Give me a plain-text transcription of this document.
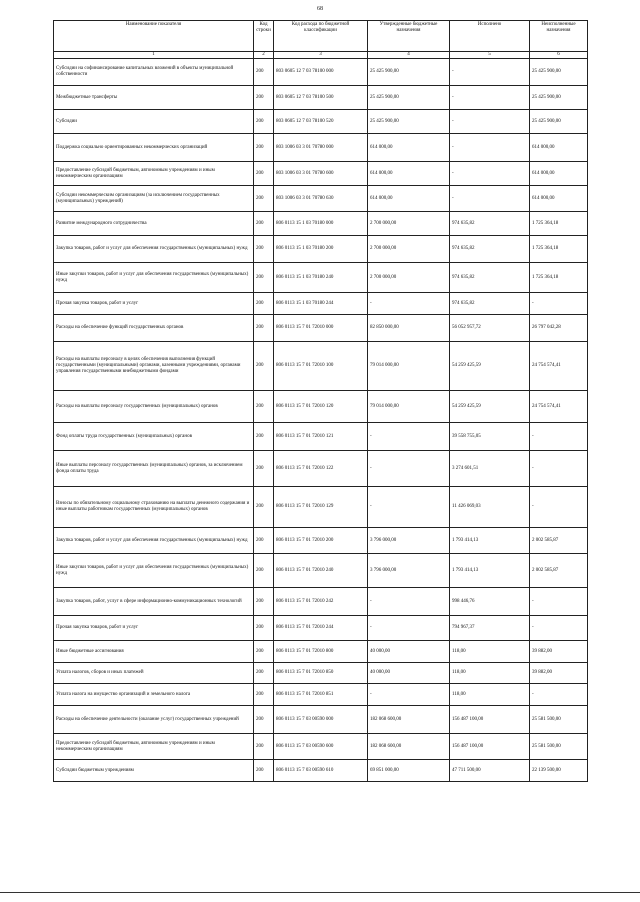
68
Наименование показателя	Код строки	Код расхода по бюджетной классификации	Утвержденные бюджетные назначения	Исполнено	Неисполненные назначения
1	2	3	4	5	6
Субсидии на софинансирование капитальных вложений в объекты муниципальной собственности	200	803 0605 12 7 03 78100 000	25 425 900,00	-	25 425 900,00
Межбюджетные трансферты	200	803 0605 12 7 03 78100 500	25 425 900,00	-	25 425 900,00
Субсидии	200	803 0605 12 7 03 78100 520	25 425 900,00	-	25 425 900,00
Поддержка социально ориентированных некоммерческих организаций	200	803 1006 03 3 01 70780 000	614 000,00	-	614 000,00
Предоставление субсидий бюджетным, автономным учреждениям и иным некоммерческим организациям	200	803 1006 03 3 01 70780 600	614 000,00	-	614 000,00
Субсидии некоммерческим организациям (за исключением государственных (муниципальных) учреждений)	200	803 1006 03 3 01 70780 630	614 000,00	-	614 000,00
Развитие международного сотрудничества	200	806 0113 15 1 03 70180 000	2 700 000,00	974 635,82	1 725 364,18
Закупка товаров, работ и услуг для обеспечения государственных (муниципальных) нужд	200	806 0113 15 1 03 70180 200	2 700 000,00	974 635,82	1 725 364,18
Иные закупки товаров, работ и услуг для обеспечения государственных (муниципальных) нужд	200	806 0113 15 1 03 70180 240	2 700 000,00	974 635,82	1 725 364,18
Прочая закупка товаров, работ и услуг	200	806 0113 15 1 03 70180 244	-	974 635,82	-
Расходы на обеспечение функций государственных органов	200	806 0113 15 7 01 72010 000	82 850 000,00	56 052 957,72	26 797 042,28
Расходы на выплаты персоналу в целях обеспечения выполнения функций государственными (муниципальными) органами, казенными учреждениями, органами управления государственными внебюджетными фондами	200	806 0113 15 7 01 72010 100	79 014 000,00	54 259 425,59	24 754 574,41
Расходы на выплаты персоналу государственных (муниципальных) органов	200	806 0113 15 7 01 72010 120	79 014 000,00	54 259 425,59	24 754 574,41
Фонд оплаты труда государственных (муниципальных) органов	200	806 0113 15 7 01 72010 121	-	39 558 755,05	-
Иные выплаты персоналу государственных (муниципальных) органов, за исключением фонда оплаты труда	200	806 0113 15 7 01 72010 122	-	3 274 601,51	-
Взносы по обязательному социальному страхованию на выплаты денежного содержания и иные выплаты работникам государственных (муниципальных) органов	200	806 0113 15 7 01 72010 129	-	11 426 069,03	-
Закупка товаров, работ и услуг для обеспечения государственных (муниципальных) нужд	200	806 0113 15 7 01 72010 200	3 796 000,00	1 793 414,13	2 002 585,87
Иные закупки товаров, работ и услуг для обеспечения государственных (муниципальных) нужд	200	806 0113 15 7 01 72010 240	3 796 000,00	1 793 414,13	2 002 585,87
Закупка товаров, работ, услуг в сфере информационно-коммуникационных технологий	200	806 0113 15 7 01 72010 242	-	998 446,76	-
Прочая закупка товаров, работ и услуг	200	806 0113 15 7 01 72010 244	-	794 967,37	-
Иные бюджетные ассигнования	200	806 0113 15 7 01 72010 800	40 000,00	118,00	39 882,00
Уплата налогов, сборов и иных платежей	200	806 0113 15 7 01 72010 850	40 000,00	118,00	39 882,00
Уплата налога на имущество организаций и земельного налога	200	806 0113 15 7 01 72010 851	-	118,00	-
Расходы на обеспечение деятельности (оказание услуг) государственных учреждений	200	806 0113 15 7 03 00590 000	182 068 600,00	156 487 100,00	25 581 500,00
Предоставление субсидий бюджетным, автономным учреждениям и иным некоммерческим организациям	200	806 0113 15 7 03 00590 600	182 068 600,00	156 487 100,00	25 581 500,00
Субсидии бюджетным учреждениям	200	806 0113 15 7 03 00590 610	69 851 000,00	47 711 500,00	22 139 500,00
